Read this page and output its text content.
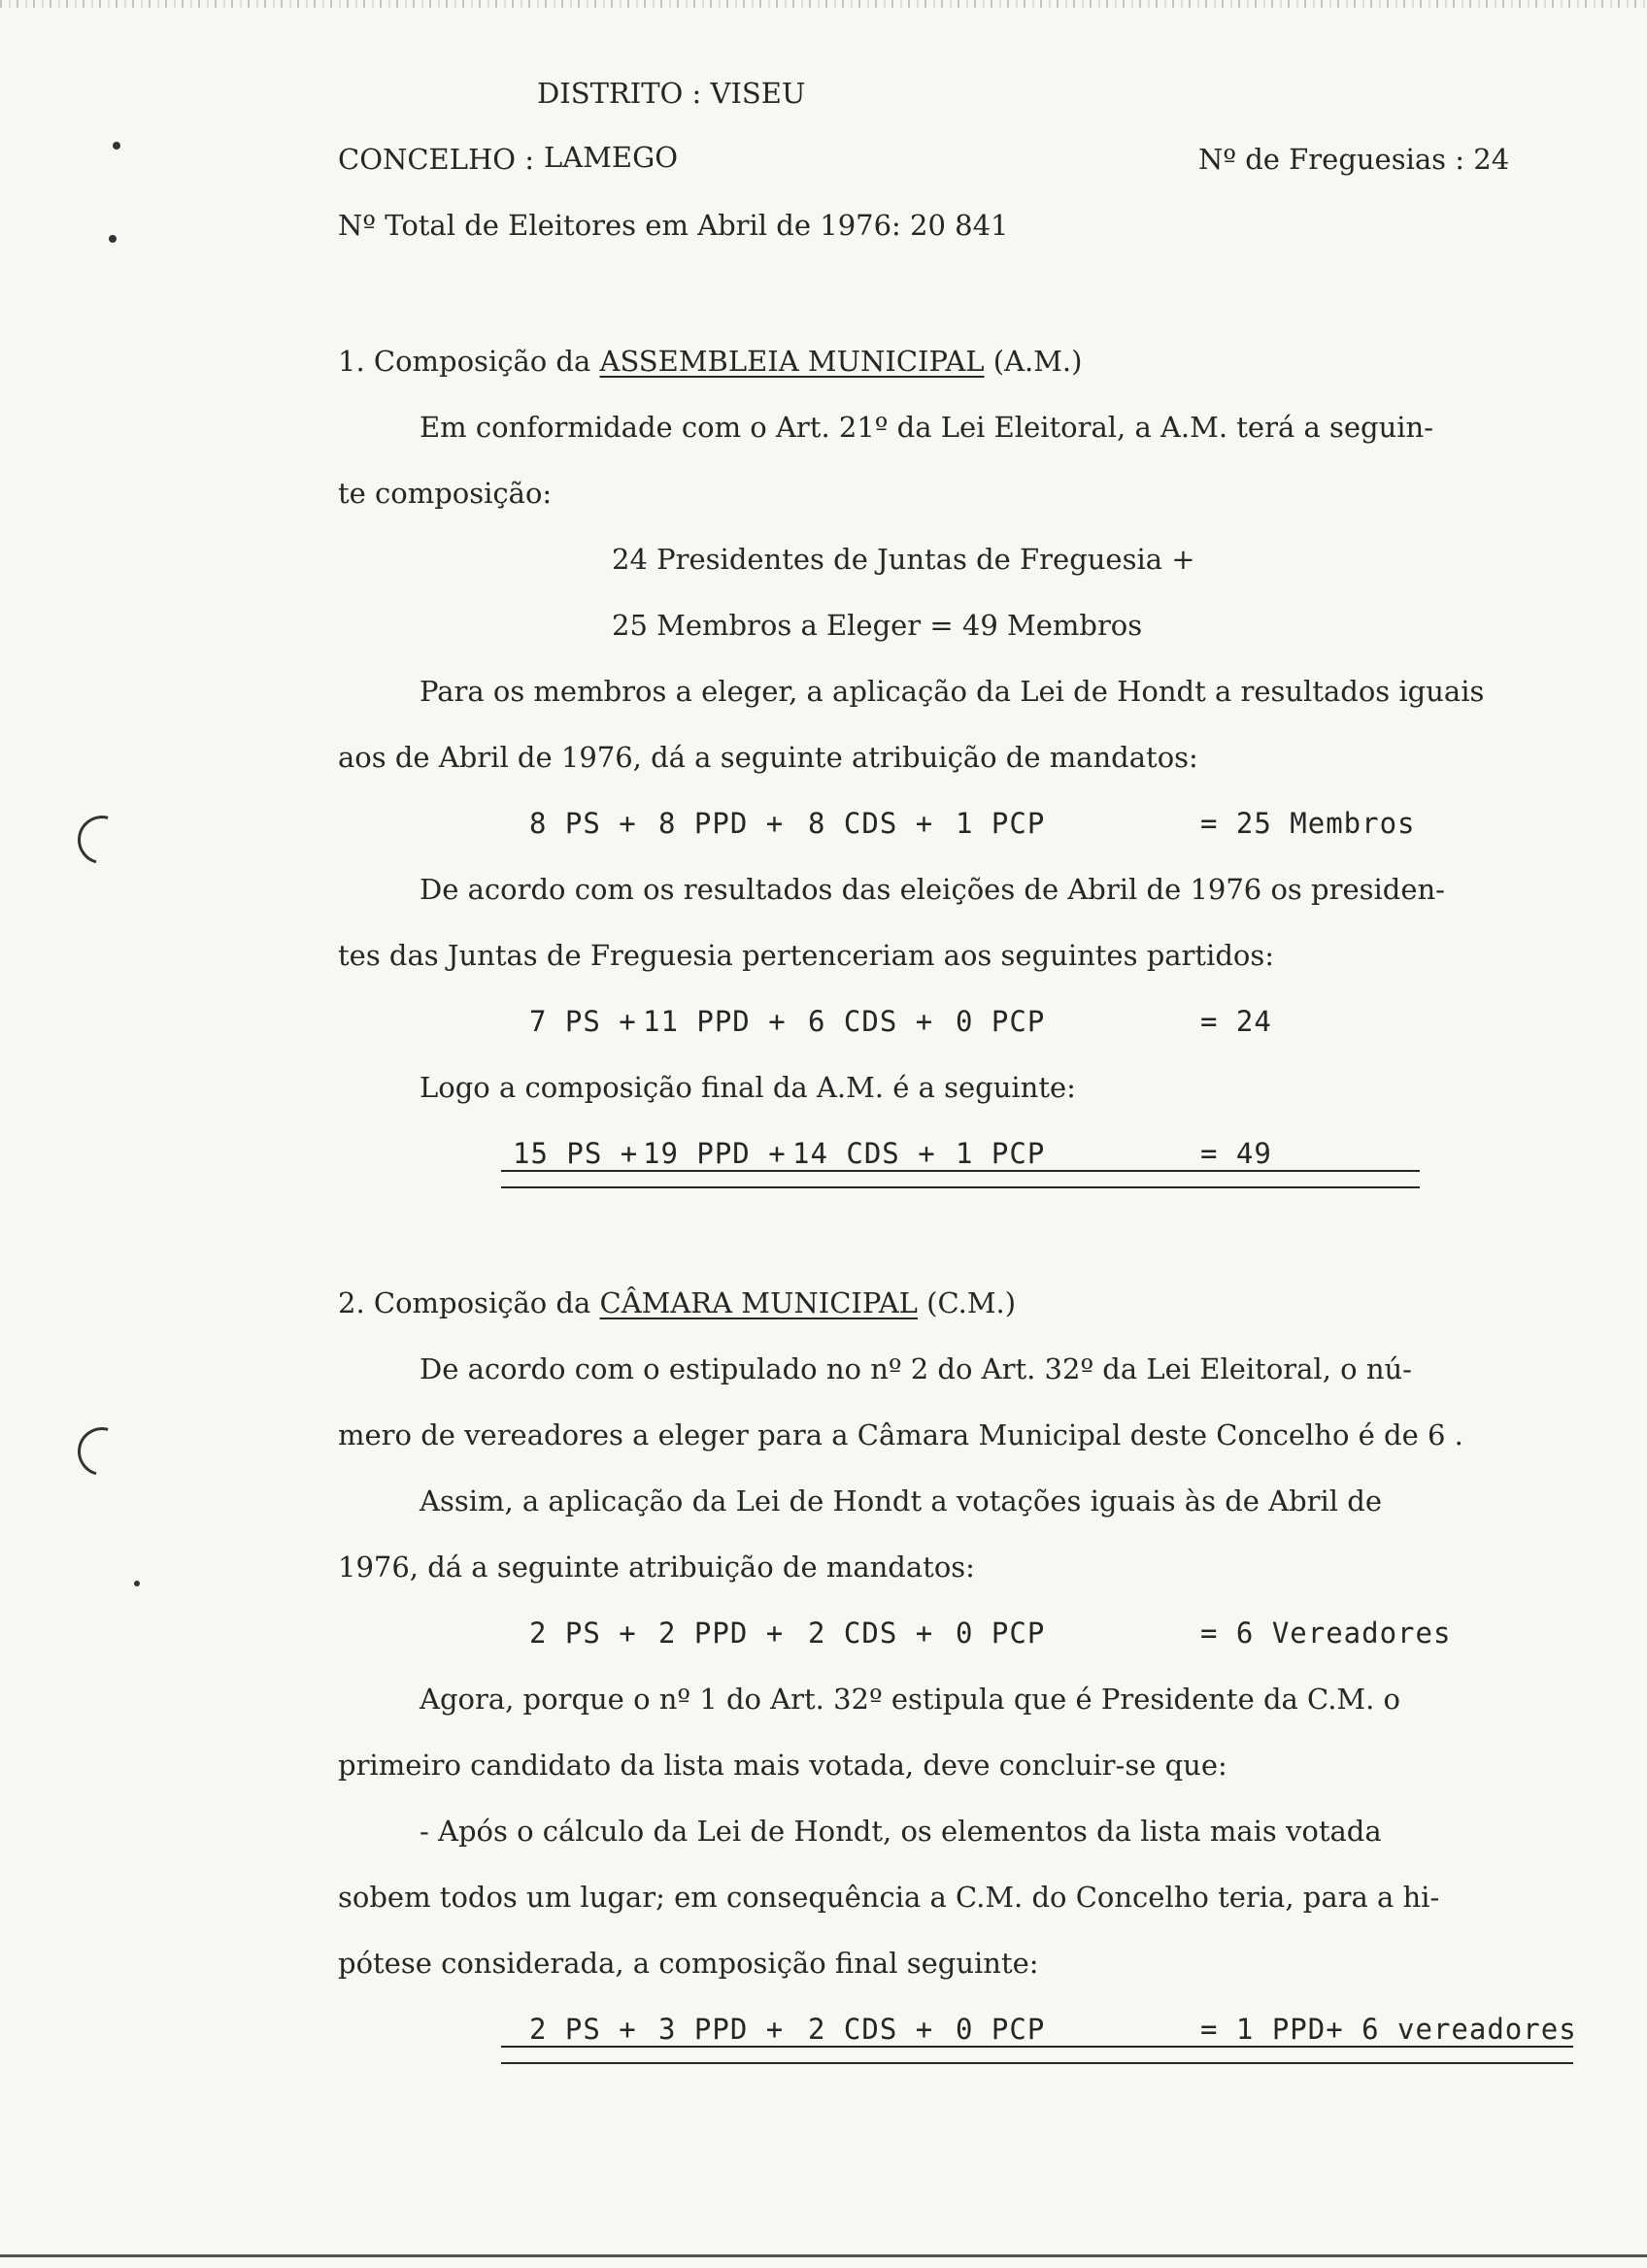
DISTRITO : VISEU
CONCELHO : LAMEGO	Nº de Freguesias : 24
Nº Total de Eleitores em Abril de 1976: 20 841
1. Composição da ASSEMBLEIA MUNICIPAL (A.M.)
Em conformidade com o Art. 21º da Lei Eleitoral, a A.M. terá a seguin-
te composição:
24 Presidentes de Juntas de Freguesia +
25 Membros a Eleger = 49 Membros
Para os membros a eleger, a aplicação da Lei de Hondt a resultados iguais
aos de Abril de 1976, dá a seguinte atribuição de mandatos:
8 PS + 8 PPD + 8 CDS + 1 PCP	= 25 Membros
De acordo com os resultados das eleições de Abril de 1976 os presiden-
tes das Juntas de Freguesia pertenceriam aos seguintes partidos:
7 PS + 11 PPD + 6 CDS + 0 PCP	= 24
Logo a composição final da A.M. é a seguinte:
15 PS + 19 PPD + 14 CDS + 1 PCP	= 49
2. Composição da CÂMARA MUNICIPAL (C.M.)
De acordo com o estipulado no nº 2 do Art. 32º da Lei Eleitoral, o nú-
mero de vereadores a eleger para a Câmara Municipal deste Concelho é de 6 .
Assim, a aplicação da Lei de Hondt a votações iguais às de Abril de
1976, dá a seguinte atribuição de mandatos:
2 PS + 2 PPD + 2 CDS + 0 PCP	= 6 Vereadores
Agora, porque o nº 1 do Art. 32º estipula que é Presidente da C.M. o
primeiro candidato da lista mais votada, deve concluir-se que:
- Após o cálculo da Lei de Hondt, os elementos da lista mais votada
sobem todos um lugar; em consequência a C.M. do Concelho teria, para a hi-
pótese considerada, a composição final seguinte:
2 PS + 3 PPD + 2 CDS + 0 PCP	= 1 PPD+ 6 vereadores
